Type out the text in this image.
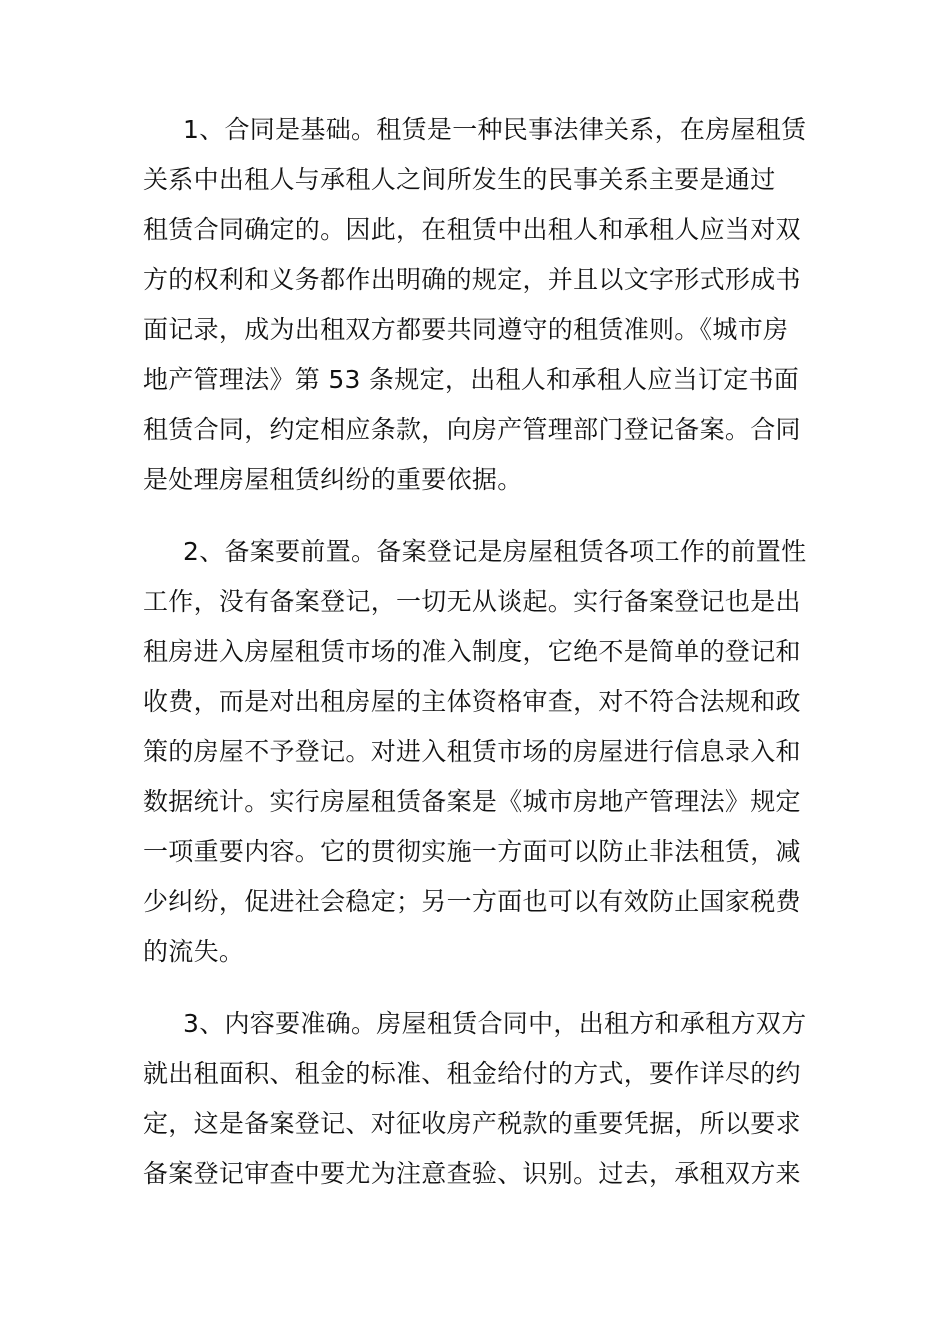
1、合同是基础。租赁是一种民事法律关系，在房屋租赁
关系中出租人与承租人之间所发生的民事关系主要是通过
租赁合同确定的。因此，在租赁中出租人和承租人应当对双
方的权利和义务都作出明确的规定，并且以文字形式形成书
面记录，成为出租双方都要共同遵守的租赁准则。《城市房
地产管理法》第 53 条规定，出租人和承租人应当订定书面
租赁合同，约定相应条款，向房产管理部门登记备案。合同
是处理房屋租赁纠纷的重要依据。
2、备案要前置。备案登记是房屋租赁各项工作的前置性
工作，没有备案登记，一切无从谈起。实行备案登记也是出
租房进入房屋租赁市场的准入制度，它绝不是简单的登记和
收费，而是对出租房屋的主体资格审查，对不符合法规和政
策的房屋不予登记。对进入租赁市场的房屋进行信息录入和
数据统计。实行房屋租赁备案是《城市房地产管理法》规定
一项重要内容。它的贯彻实施一方面可以防止非法租赁，减
少纠纷，促进社会稳定；另一方面也可以有效防止国家税费
的流失。
3、内容要准确。房屋租赁合同中，出租方和承租方双方
就出租面积、租金的标准、租金给付的方式，要作详尽的约
定，这是备案登记、对征收房产税款的重要凭据，所以要求
备案登记审查中要尤为注意查验、识别。过去，承租双方来
